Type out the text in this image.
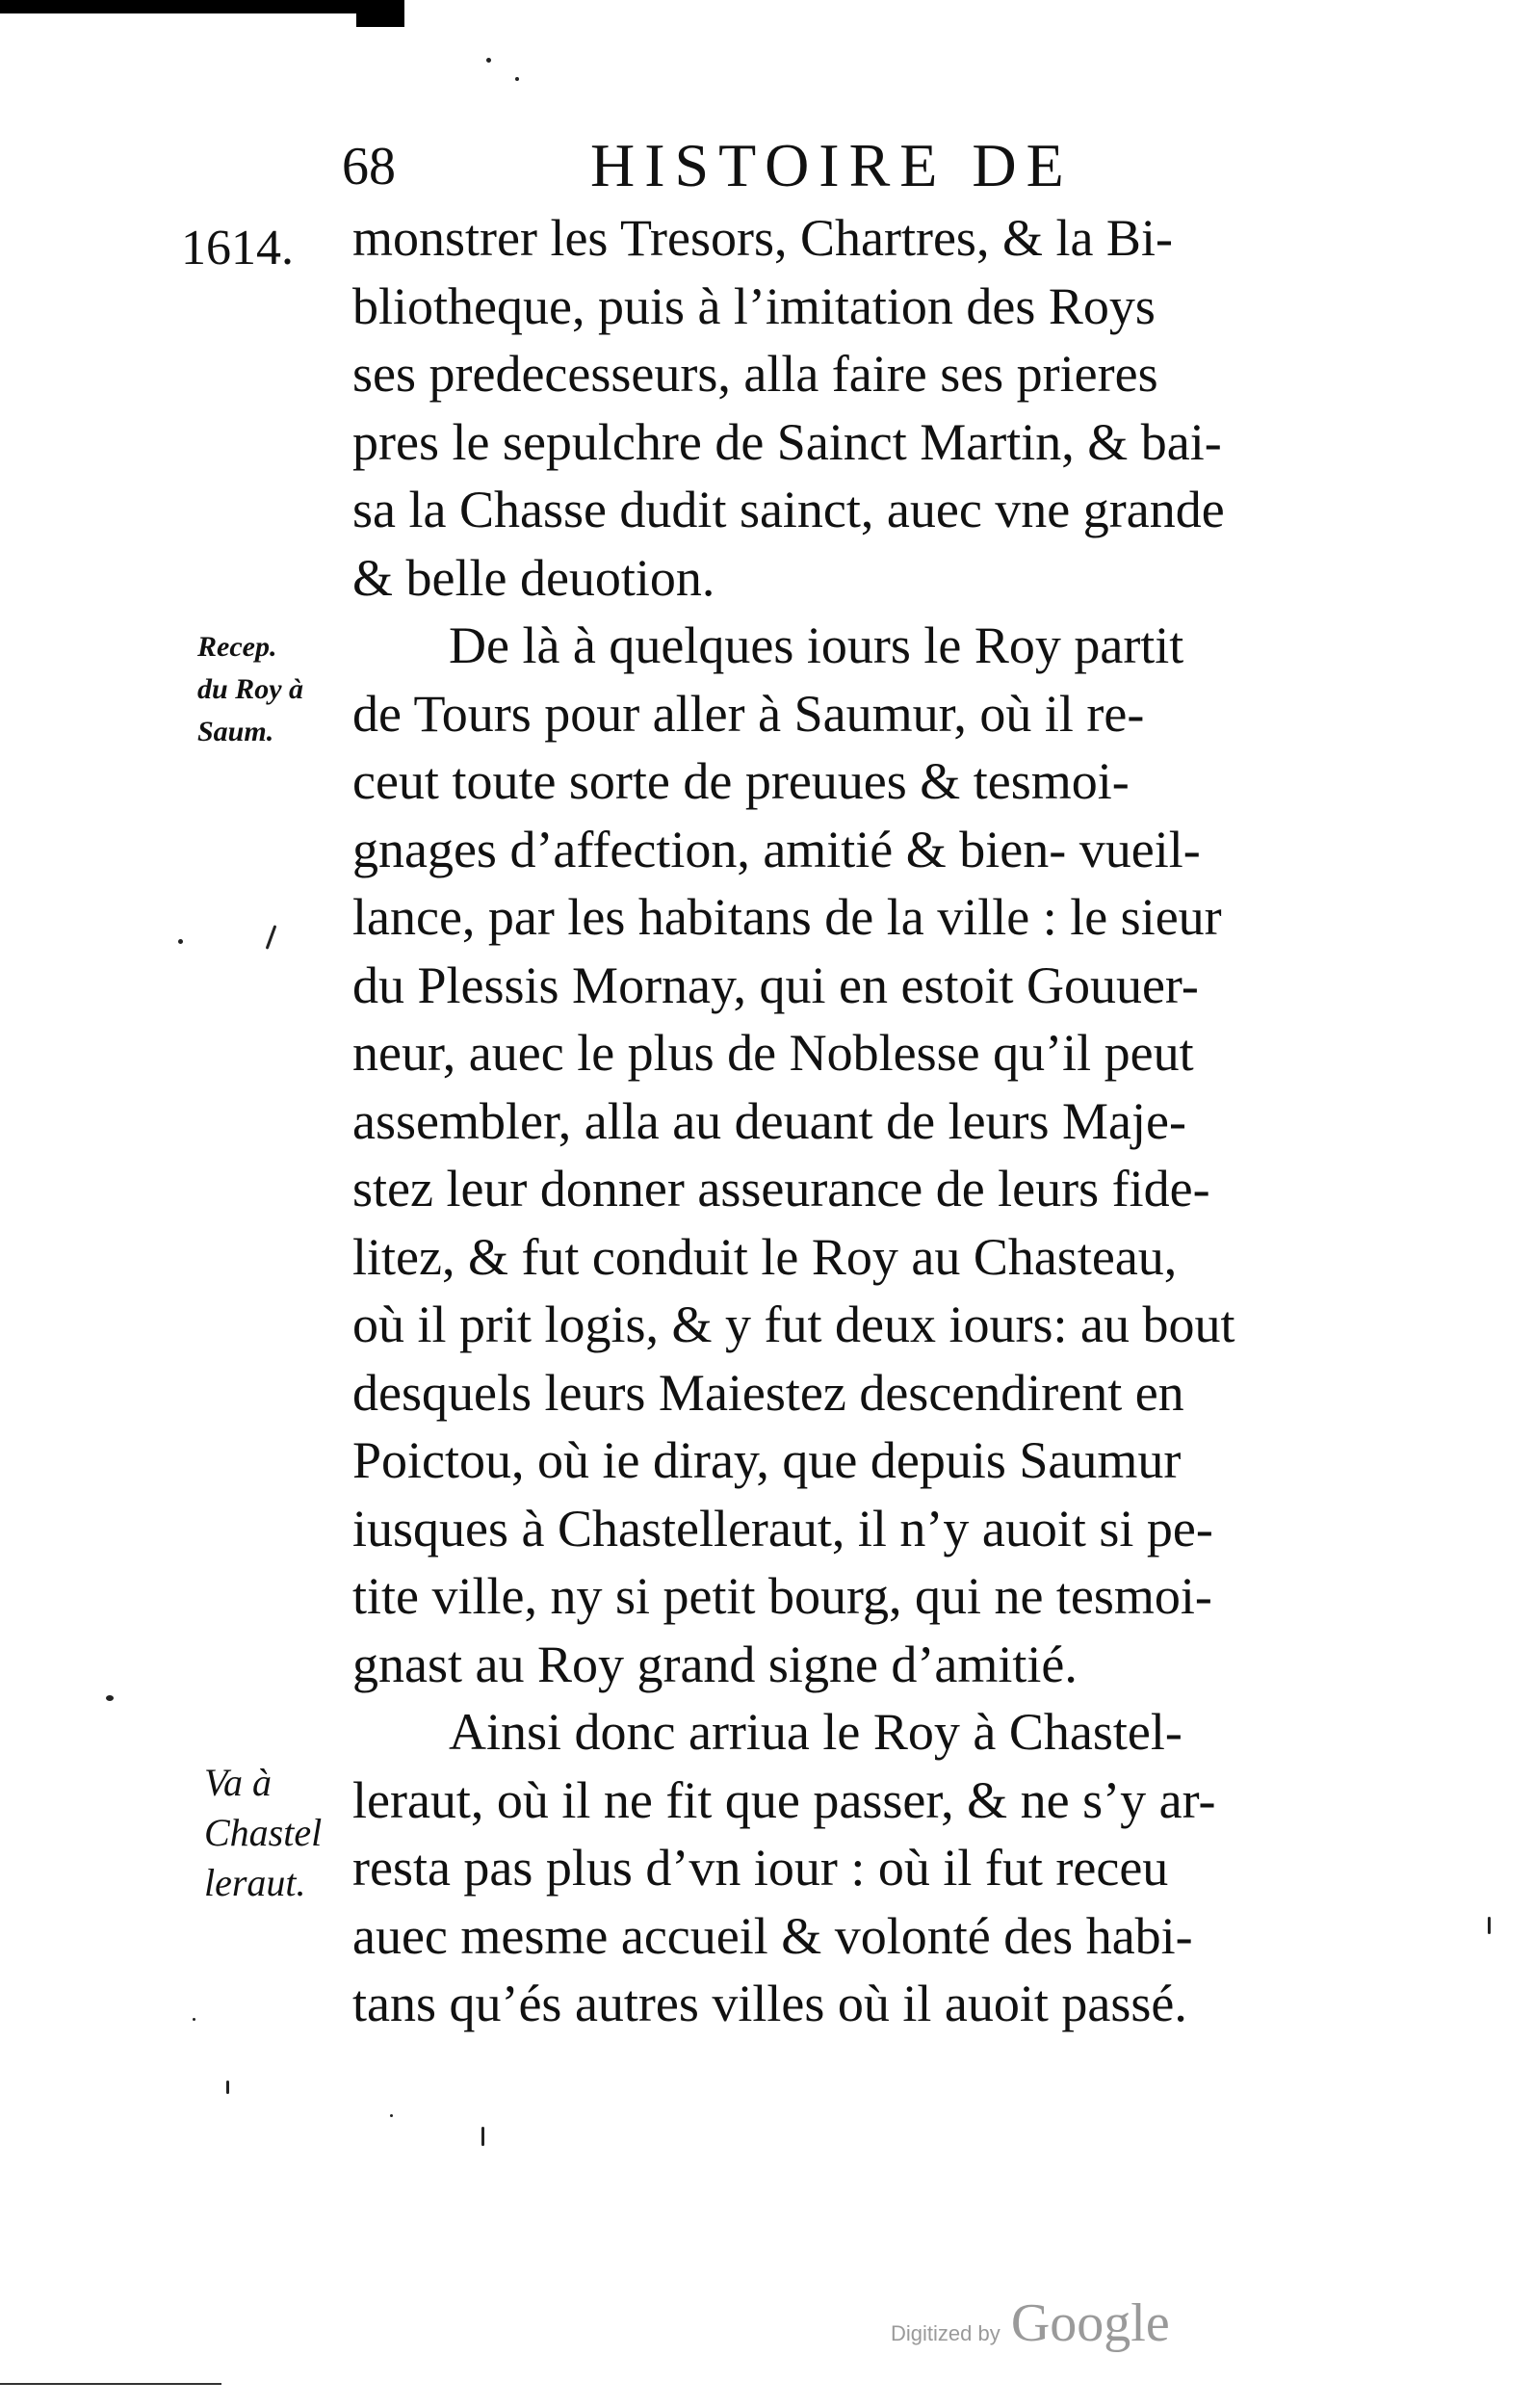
68	HISTOIRE DE
1614.
Recep.
du Roy à
Saum.
Va à
Chastel
leraut.
monstrer les Tresors, Chartres, & la Bi-
bliotheque, puis à l’imitation des Roys
ses predecesseurs, alla faire ses prieres
pres le sepulchre de Sainct Martin, & bai-
sa la Chasse dudit sainct, auec vne grande
& belle deuotion.
De là à quelques iours le Roy partit
de Tours pour aller à Saumur, où il re-
ceut toute sorte de preuues & tesmoi-
gnages d’affection, amitié & bien- vueil-
lance, par les habitans de la ville : le sieur
du Plessis Mornay, qui en estoit Gouuer-
neur, auec le plus de Noblesse qu’il peut
assembler, alla au deuant de leurs Maje-
stez leur donner asseurance de leurs fide-
litez, & fut conduit le Roy au Chasteau,
où il prit logis, & y fut deux iours: au bout
desquels leurs Maiestez descendirent en
Poictou, où ie diray, que depuis Saumur
iusques à Chastelleraut, il n’y auoit si pe-
tite ville, ny si petit bourg, qui ne tesmoi-
gnast au Roy grand signe d’amitié.
Ainsi donc arriua le Roy à Chastel-
leraut, où il ne fit que passer, & ne s’y ar-
resta pas plus d’vn iour : où il fut receu
auec mesme accueil & volonté des habi-
tans qu’és autres villes où il auoit passé.
Digitized by Google
